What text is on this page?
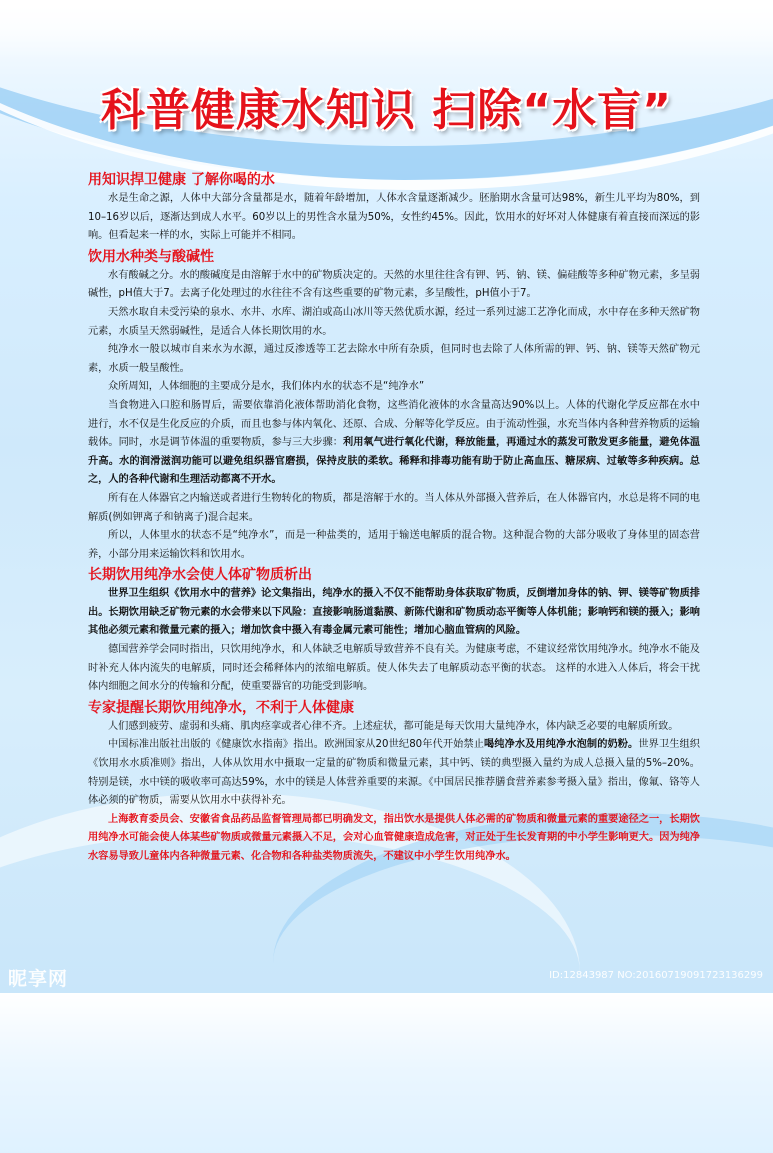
科普健康水知识 扫除“水盲”
用知识捍卫健康 了解你喝的水

水是生命之源，人体中大部分含量都是水，随着年龄增加，人体水含量逐渐减少。胚胎期水含量可达98%，新生儿平均为80%，到10–16岁以后，逐渐达到成人水平。60岁以上的男性含水量为50%，女性约45%。因此，饮用水的好坏对人体健康有着直接而深远的影响。但看起来一样的水，实际上可能并不相同。

饮用水种类与酸碱性

水有酸碱之分。水的酸碱度是由溶解于水中的矿物质决定的。天然的水里往往含有钾、钙、钠、镁、偏硅酸等多种矿物元素，多呈弱碱性，pH值大于7。去离子化处理过的水往往不含有这些重要的矿物元素，多呈酸性，pH值小于7。

天然水取自未受污染的泉水、水井、水库、湖泊或高山冰川等天然优质水源，经过一系列过滤工艺净化而成，水中存在多种天然矿物元素，水质呈天然弱碱性，是适合人体长期饮用的水。

纯净水一般以城市自来水为水源，通过反渗透等工艺去除水中所有杂质，但同时也去除了人体所需的钾、钙、钠、镁等天然矿物元素，水质一般呈酸性。

众所周知，人体细胞的主要成分是水，我们体内水的状态不是“纯净水”

当食物进入口腔和肠胃后，需要依靠消化液体帮助消化食物，这些消化液体的水含量高达90%以上。人体的代谢化学反应都在水中进行，水不仅是生化反应的介质，而且也参与体内氧化、还原、合成、分解等化学反应。由于流动性强，水充当体内各种营养物质的运输载体。同时，水是调节体温的重要物质，参与三大步骤：利用氧气进行氧化代谢，释放能量，再通过水的蒸发可散发更多能量，避免体温升高。水的润滑滋润功能可以避免组织器官磨损，保持皮肤的柔软。稀释和排毒功能有助于防止高血压、糖尿病、过敏等多种疾病。总之，人的各种代谢和生理活动都离不开水。

所有在人体器官之内输送或者进行生物转化的物质，都是溶解于水的。当人体从外部摄入营养后，在人体器官内，水总是将不同的电解质(例如钾离子和钠离子)混合起来。

所以，人体里水的状态不是“纯净水”，而是一种盐类的，适用于输送电解质的混合物。这种混合物的大部分吸收了身体里的固态营养，小部分用来运输饮料和饮用水。

长期饮用纯净水会使人体矿物质析出

世界卫生组织《饮用水中的营养》论文集指出，纯净水的摄入不仅不能帮助身体获取矿物质，反倒增加身体的钠、钾、镁等矿物质排出。长期饮用缺乏矿物元素的水会带来以下风险：直接影响肠道黏膜、新陈代谢和矿物质动态平衡等人体机能；影响钙和镁的摄入；影响其他必须元素和微量元素的摄入；增加饮食中摄入有毒金属元素可能性；增加心脑血管病的风险。

德国营养学会同时指出，只饮用纯净水，和人体缺乏电解质导致营养不良有关。为健康考虑，不建议经常饮用纯净水。纯净水不能及时补充人体内流失的电解质，同时还会稀释体内的浓缩电解质。使人体失去了电解质动态平衡的状态。 这样的水进入人体后，将会干扰体内细胞之间水分的传输和分配，使重要器官的功能受到影响。

专家提醒长期饮用纯净水，不利于人体健康

人们感到疲劳、虚弱和头痛、肌肉痉挛或者心律不齐。上述症状，都可能是每天饮用大量纯净水，体内缺乏必要的电解质所致。

中国标准出版社出版的《健康饮水指南》指出。欧洲国家从20世纪80年代开始禁止喝纯净水及用纯净水泡制的奶粉。世界卫生组织《饮用水水质准则》指出，人体从饮用水中摄取一定量的矿物质和微量元素，其中钙、镁的典型摄入量约为成人总摄入量的5%–20%。特别是镁，水中镁的吸收率可高达59%，水中的镁是人体营养重要的来源。《中国居民推荐膳食营养素参考摄入量》指出，像氟、铬等人体必须的矿物质，需要从饮用水中获得补充。

上海教育委员会、安徽省食品药品监督管理局都已明确发文，指出饮水是提供人体必需的矿物质和微量元素的重要途径之一，长期饮用纯净水可能会使人体某些矿物质或微量元素摄入不足，会对心血管健康造成危害，对正处于生长发育期的中小学生影响更大。因为纯净水容易导致儿童体内各种微量元素、化合物和各种盐类物质流失，不建议中小学生饮用纯净水。

昵享网	ID:12843987 NO:20160719091723136299
